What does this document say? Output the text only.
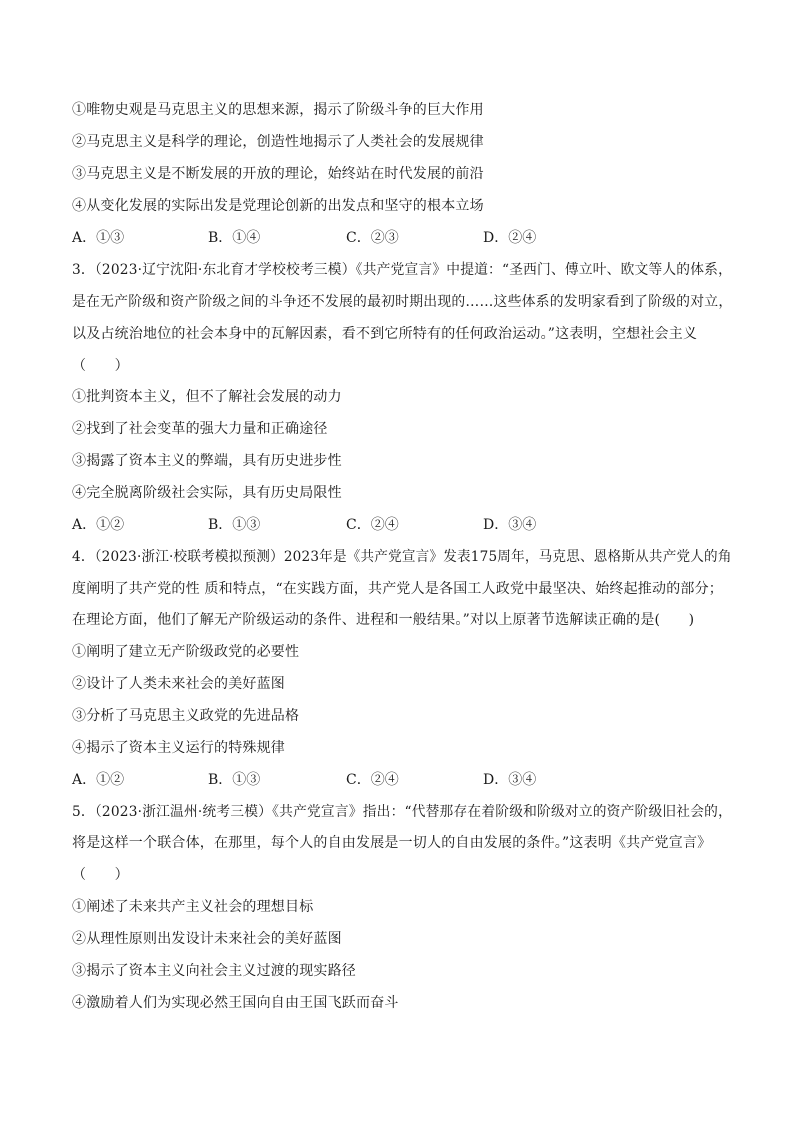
①唯物史观是马克思主义的思想来源，揭示了阶级斗争的巨大作用
②马克思主义是科学的理论，创造性地揭示了人类社会的发展规律
③马克思主义是不断发展的开放的理论，始终站在时代发展的前沿
④从变化发展的实际出发是党理论创新的出发点和坚守的根本立场
A．①③	B．①④	C．②③	D．②④
3．（2023·辽宁沈阳·东北育才学校校考三模）《共产党宣言》中提道：“圣西门、傅立叶、欧文等人的体系，
是在无产阶级和资产阶级之间的斗争还不发展的最初时期出现的……这些体系的发明家看到了阶级的对立，
以及占统治地位的社会本身中的瓦解因素，看不到它所特有的任何政治运动。”这表明，空想社会主义
（　　）
①批判资本主义，但不了解社会发展的动力
②找到了社会变革的强大力量和正确途径
③揭露了资本主义的弊端，具有历史进步性
④完全脱离阶级社会实际，具有历史局限性
A．①②	B．①③	C．②④	D．③④
4．（2023·浙江·校联考模拟预测）2023年是《共产党宣言》发表175周年，马克思、恩格斯从共产党人的角
度阐明了共产党的性 质和特点，“在实践方面，共产党人是各国工人政党中最坚决、始终起推动的部分；
在理论方面，他们了解无产阶级运动的条件、进程和一般结果。”对以上原著节选解读正确的是(　　)
①阐明了建立无产阶级政党的必要性
②设计了人类未来社会的美好蓝图
③分析了马克思主义政党的先进品格
④揭示了资本主义运行的特殊规律
A．①②	B．①③	C．②④	D．③④
5．（2023·浙江温州·统考三模）《共产党宣言》指出：“代替那存在着阶级和阶级对立的资产阶级旧社会的，
将是这样一个联合体，在那里，每个人的自由发展是一切人的自由发展的条件。”这表明《共产党宣言》
（　　）
①阐述了未来共产主义社会的理想目标
②从理性原则出发设计未来社会的美好蓝图
③揭示了资本主义向社会主义过渡的现实路径
④激励着人们为实现必然王国向自由王国飞跃而奋斗
